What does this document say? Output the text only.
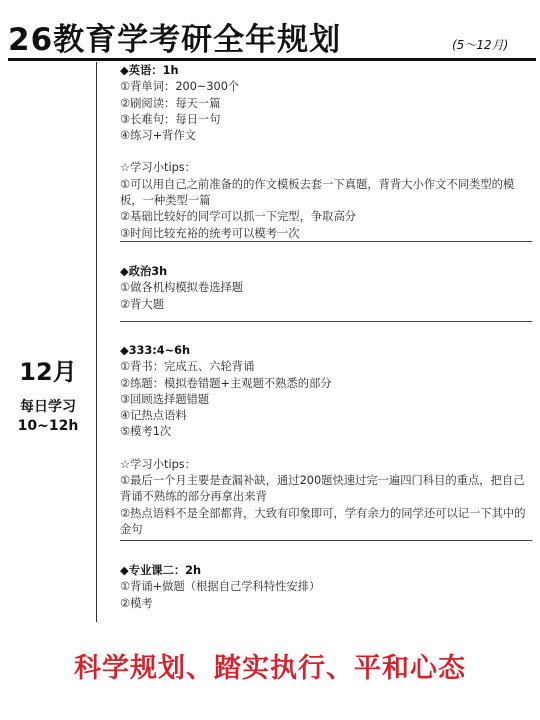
26教育学考研全年规划	(5～12月)
12月
每日学习
10~12h
◆英语：1h
①背单词：200~300个
②刷阅读：每天一篇
③长难句：每日一句
④练习+背作文
☆学习小tips：
①可以用自己之前准备的的作文模板去套一下真题，背背大小作文不同类型的模板，一种类型一篇
②基础比较好的同学可以抓一下完型，争取高分
③时间比较充裕的统考可以模考一次
◆政治3h
①做各机构模拟卷选择题
②背大题
◆333:4~6h
①背书：完成五、六轮背诵
②练题：模拟卷错题+主观题不熟悉的部分
③回顾选择题错题
④记热点语料
⑤模考1次
☆学习小tips：
①最后一个月主要是查漏补缺，通过200题快速过完一遍四门科目的重点，把自己背诵不熟练的部分再拿出来背
②热点语料不是全部都背，大致有印象即可，学有余力的同学还可以记一下其中的金句
◆专业课二：2h
①背诵+做题（根据自己学科特性安排）
②模考
科学规划、踏实执行、平和心态
